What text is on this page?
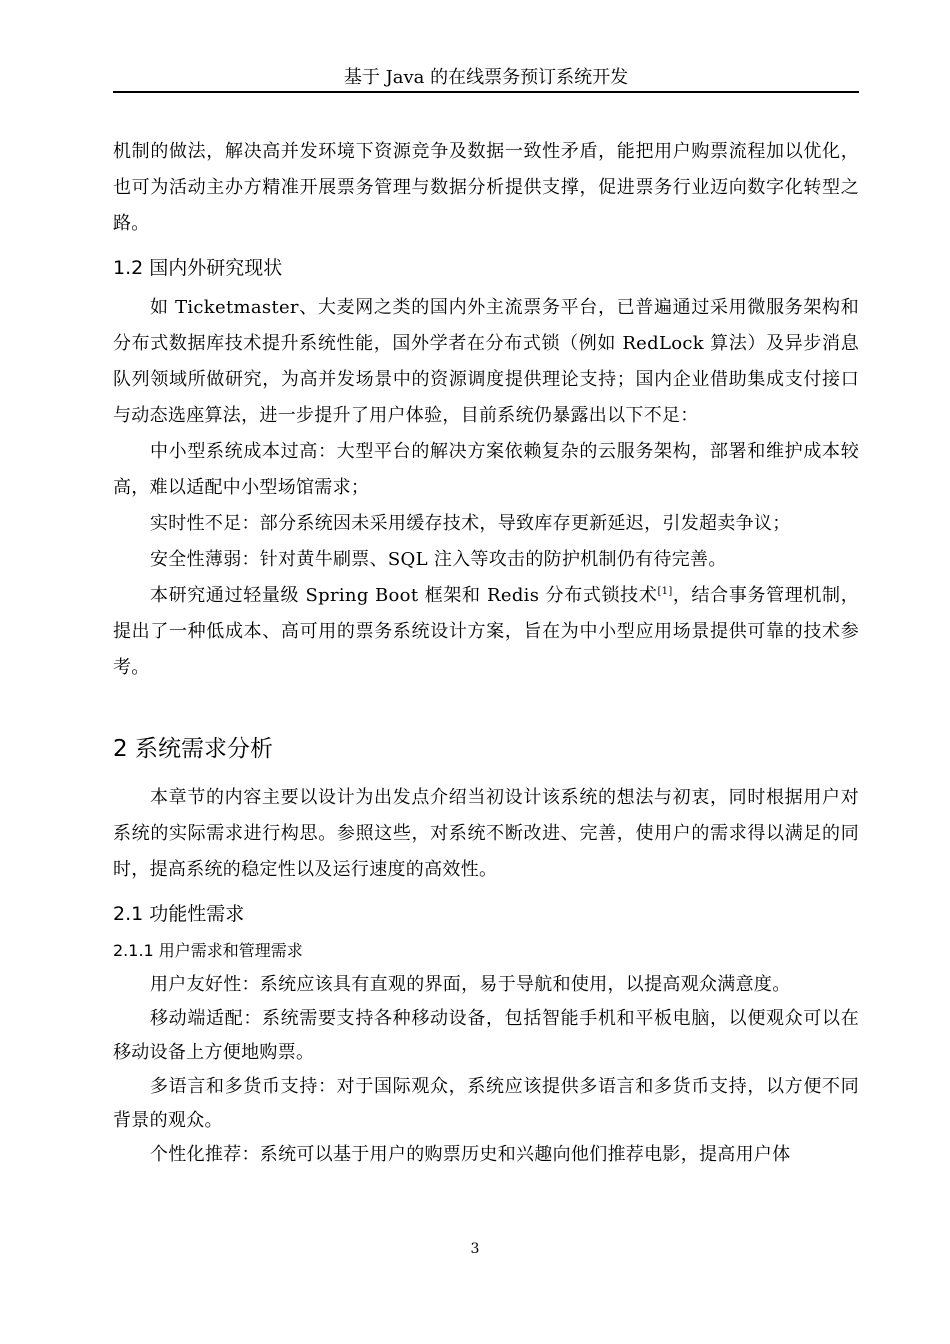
基于 Java 的在线票务预订系统开发

机制的做法，解决高并发环境下资源竞争及数据一致性矛盾，能把用户购票流程加以优化，也可为活动主办方精准开展票务管理与数据分析提供支撑，促进票务行业迈向数字化转型之路。

1.2 国内外研究现状

如 Ticketmaster、大麦网之类的国内外主流票务平台，已普遍通过采用微服务架构和分布式数据库技术提升系统性能，国外学者在分布式锁（例如 RedLock 算法）及异步消息队列领域所做研究，为高并发场景中的资源调度提供理论支持；国内企业借助集成支付接口与动态选座算法，进一步提升了用户体验，目前系统仍暴露出以下不足：

中小型系统成本过高：大型平台的解决方案依赖复杂的云服务架构，部署和维护成本较高，难以适配中小型场馆需求；

实时性不足：部分系统因未采用缓存技术，导致库存更新延迟，引发超卖争议；

安全性薄弱：针对黄牛刷票、SQL 注入等攻击的防护机制仍有待完善。

本研究通过轻量级 Spring Boot 框架和 Redis 分布式锁技术[1]，结合事务管理机制，提出了一种低成本、高可用的票务系统设计方案，旨在为中小型应用场景提供可靠的技术参考。

2 系统需求分析

本章节的内容主要以设计为出发点介绍当初设计该系统的想法与初衷，同时根据用户对系统的实际需求进行构思。参照这些，对系统不断改进、完善，使用户的需求得以满足的同时，提高系统的稳定性以及运行速度的高效性。

2.1 功能性需求
2.1.1 用户需求和管理需求

用户友好性：系统应该具有直观的界面，易于导航和使用，以提高观众满意度。

移动端适配：系统需要支持各种移动设备，包括智能手机和平板电脑，以便观众可以在移动设备上方便地购票。

多语言和多货币支持：对于国际观众，系统应该提供多语言和多货币支持，以方便不同背景的观众。

个性化推荐：系统可以基于用户的购票历史和兴趣向他们推荐电影，提高用户体

3
